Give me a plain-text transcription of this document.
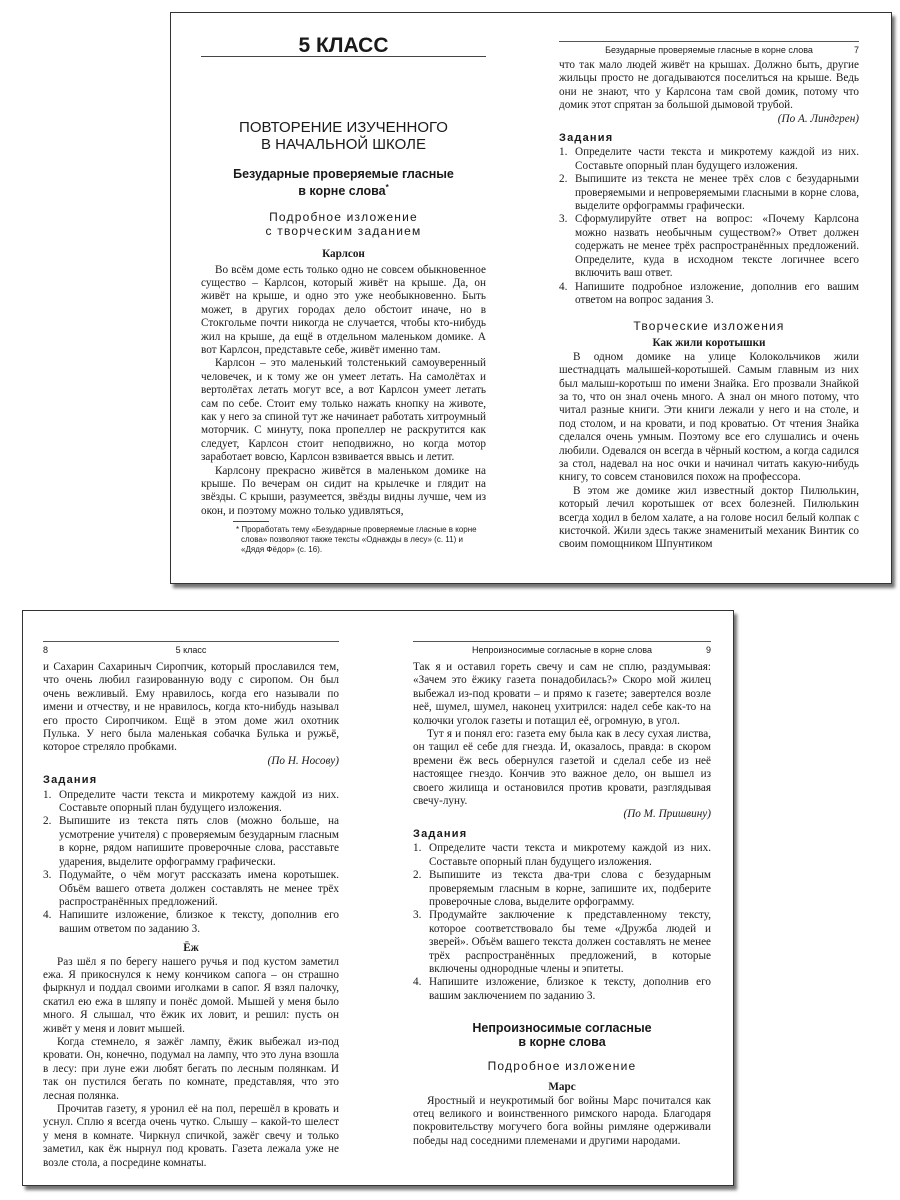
5 КЛАСС
ПОВТОРЕНИЕ ИЗУЧЕННОГО
В НАЧАЛЬНОЙ ШКОЛЕ
Безударные проверяемые гласные
в корне слова*
Подробное изложение
с творческим заданием
Карлсон

Во всём доме есть только одно не совсем обыкновенное существо – Карлсон, который живёт на крыше. Да, он живёт на крыше, и одно это уже необыкновенно. Быть может, в других городах дело обстоит иначе, но в Стокгольме почти никогда не случается, чтобы кто-нибудь жил на крыше, да ещё в отдельном маленьком домике. А вот Карлсон, представьте себе, живёт именно там.

Карлсон – это маленький толстенький самоуверенный человечек, и к тому же он умеет летать. На самолётах и вертолётах летать могут все, а вот Карлсон умеет летать сам по себе. Стоит ему только нажать кнопку на животе, как у него за спиной тут же начинает работать хитроумный моторчик. С минуту, пока пропеллер не раскрутится как следует, Карлсон стоит неподвижно, но когда мотор заработает вовсю, Карлсон взвивается ввысь и летит.

Карлсону прекрасно живётся в маленьком домике на крыше. По вечерам он сидит на крылечке и глядит на звёзды. С крыши, разумеется, звёзды видны лучше, чем из окон, и поэтому можно только удивляться,

* Проработать тему «Безударные проверяемые гласные в корне слова» позволяют также тексты «Однажды в лесу» (с. 11) и «Дядя Фёдор» (с. 16).
Безударные проверяемые гласные в корне слова	7

что так мало людей живёт на крышах. Должно быть, другие жильцы просто не догадываются поселиться на крыше. Ведь они не знают, что у Карлсона там свой домик, потому что домик этот спрятан за большой дымовой трубой.

(По А. Линдгрен)
Задания
1. Определите части текста и микротему каждой из них. Составьте опорный план будущего изложения.
2. Выпишите из текста не менее трёх слов с безударными проверяемыми и непроверяемыми гласными в корне слова, выделите орфограммы графически.
3. Сформулируйте ответ на вопрос: «Почему Карлсона можно назвать необычным существом?» Ответ должен содержать не менее трёх распространённых предложений. Определите, куда в исходном тексте логичнее всего включить ваш ответ.
4. Напишите подробное изложение, дополнив его вашим ответом на вопрос задания 3.
Творческие изложения
Как жили коротышки

В одном домике на улице Колокольчиков жили шестнадцать малышей-коротышей. Самым главным из них был малыш-коротыш по имени Знайка. Его прозвали Знайкой за то, что он знал очень много. А знал он много потому, что читал разные книги. Эти книги лежали у него и на столе, и под столом, и на кровати, и под кроватью. От чтения Знайка сделался очень умным. Поэтому все его слушались и очень любили. Одевался он всегда в чёрный костюм, а когда садился за стол, надевал на нос очки и начинал читать какую-нибудь книгу, то совсем становился похож на профессора.

В этом же домике жил известный доктор Пилюлькин, который лечил коротышек от всех болезней. Пилюлькин всегда ходил в белом халате, а на голове носил белый колпак с кисточкой. Жили здесь также знаменитый механик Винтик со своим помощником Шпунтиком

8	5 класс

и Сахарин Сахариныч Сиропчик, который прославился тем, что очень любил газированную воду с сиропом. Он был очень вежливый. Ему нравилось, когда его называли по имени и отчеству, и не нравилось, когда кто-нибудь называл его просто Сиропчиком. Ещё в этом доме жил охотник Пулька. У него была маленькая собачка Булька и ружьё, которое стреляло пробками.

(По Н. Носову)
Задания
1. Определите части текста и микротему каждой из них. Составьте опорный план будущего изложения.
2. Выпишите из текста пять слов (можно больше, на усмотрение учителя) с проверяемым безударным гласным в корне, рядом напишите проверочные слова, расставьте ударения, выделите орфограмму графически.
3. Подумайте, о чём могут рассказать имена коротышек. Объём вашего ответа должен составлять не менее трёх распространённых предложений.
4. Напишите изложение, близкое к тексту, дополнив его вашим ответом по заданию 3.
Ёж

Раз шёл я по берегу нашего ручья и под кустом заметил ежа. Я прикоснулся к нему кончиком сапога – он страшно фыркнул и поддал своими иголками в сапог. Я взял палочку, скатил ею ежа в шляпу и понёс домой. Мышей у меня было много. Я слышал, что ёжик их ловит, и решил: пусть он живёт у меня и ловит мышей.

Когда стемнело, я зажёг лампу, ёжик выбежал из-под кровати. Он, конечно, подумал на лампу, что это луна взошла в лесу: при луне ежи любят бегать по лесным полянкам. И так он пустился бегать по комнате, представляя, что это лесная полянка.

Прочитав газету, я уронил её на пол, перешёл в кровать и уснул. Сплю я всегда очень чутко. Слышу – какой-то шелест у меня в комнате. Чиркнул спичкой, зажёг свечу и только заметил, как ёж нырнул под кровать. Газета лежала уже не возле стола, а посредине комнаты.

Непроизносимые согласные в корне слова	9

Так я и оставил гореть свечу и сам не сплю, раздумывая: «Зачем это ёжику газета понадобилась?» Скоро мой жилец выбежал из-под кровати – и прямо к газете; завертелся возле неё, шумел, шумел, наконец ухитрился: надел себе как-то на колючки уголок газеты и потащил её, огромную, в угол.

Тут я и понял его: газета ему была как в лесу сухая листва, он тащил её себе для гнезда. И, оказалось, правда: в скором времени ёж весь обернулся газетой и сделал себе из неё настоящее гнездо. Кончив это важное дело, он вышел из своего жилища и остановился против кровати, разглядывая свечу-луну.

(По М. Пришвину)
Задания
1. Определите части текста и микротему каждой из них. Составьте опорный план будущего изложения.
2. Выпишите из текста два-три слова с безударным проверяемым гласным в корне, запишите их, подберите проверочные слова, выделите орфограмму.
3. Продумайте заключение к представленному тексту, которое соответствовало бы теме «Дружба людей и зверей». Объём вашего текста должен составлять не менее трёх распространённых предложений, в которые включены однородные члены и эпитеты.
4. Напишите изложение, близкое к тексту, дополнив его вашим заключением по заданию 3.
Непроизносимые согласные
в корне слова
Подробное изложение
Марс

Яростный и неукротимый бог войны Марс почитался как отец великого и воинственного римского народа. Благодаря покровительству могучего бога войны римляне одерживали победы над соседними племенами и другими народами.
